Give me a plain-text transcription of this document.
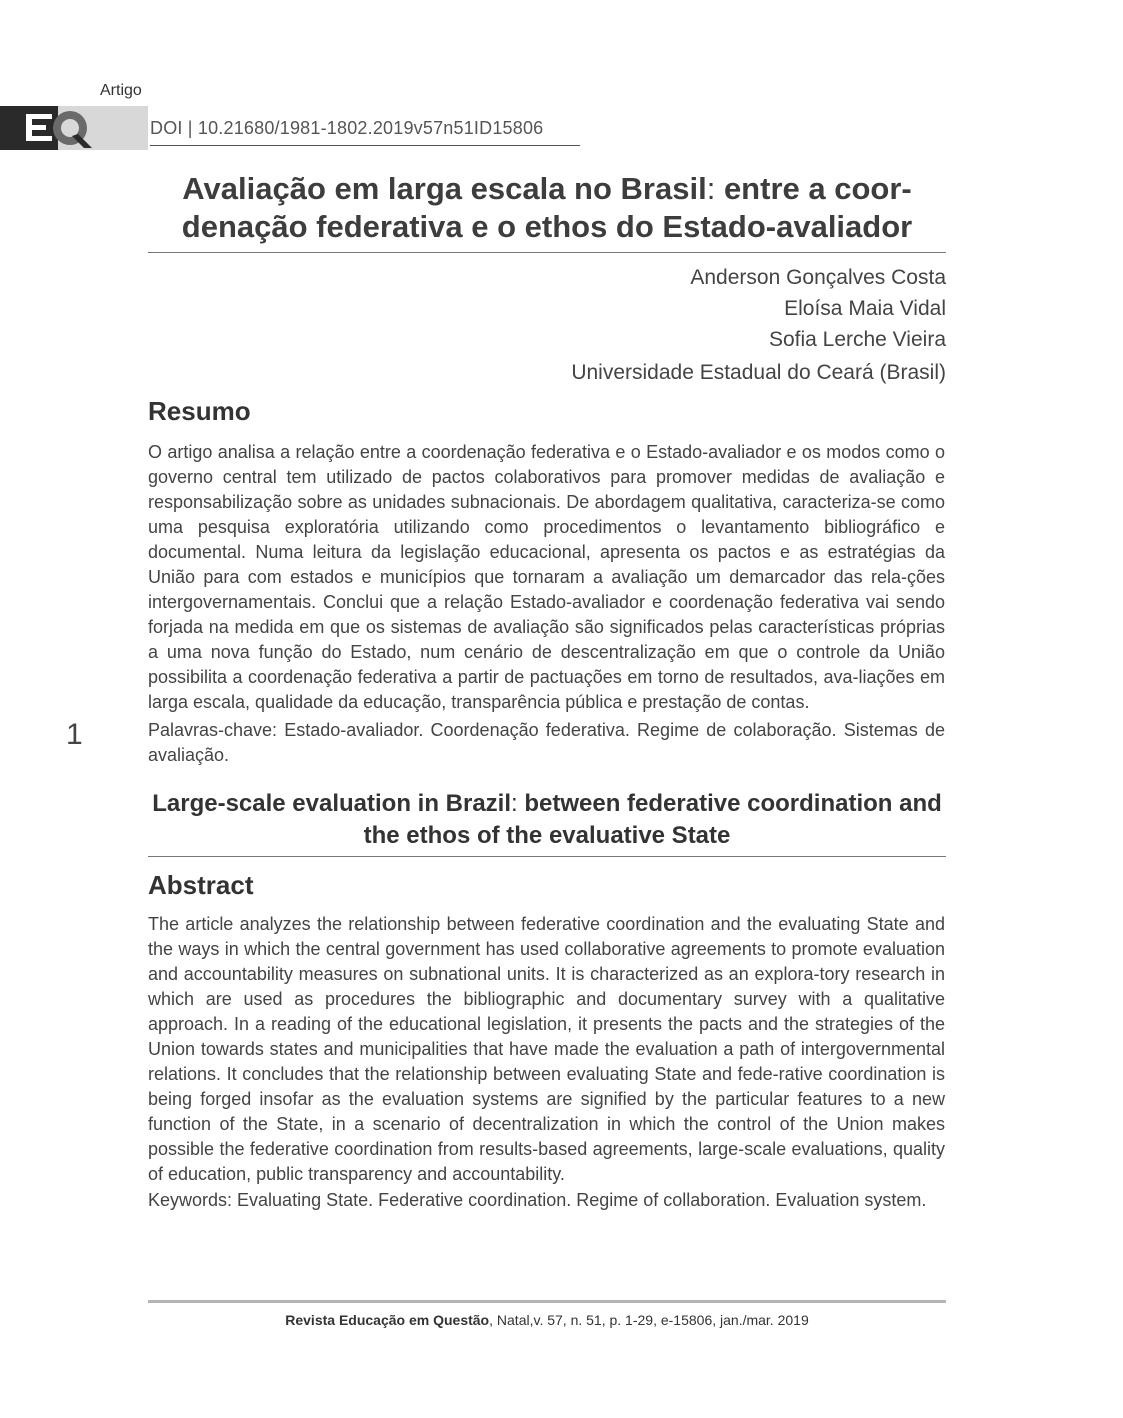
Artigo
DOI | 10.21680/1981-1802.2019v57n51ID15806
Avaliação em larga escala no Brasil: entre a coor-denação federativa e o ethos do Estado-avaliador
Anderson Gonçalves Costa
Eloísa Maia Vidal
Sofia Lerche Vieira
Universidade Estadual do Ceará (Brasil)
Resumo
O artigo analisa a relação entre a coordenação federativa e o Estado-avaliador e os modos como o governo central tem utilizado de pactos colaborativos para promover medidas de avaliação e responsabilização sobre as unidades subnacionais. De abordagem qualitativa, caracteriza-se como uma pesquisa exploratória utilizando como procedimentos o levantamento bibliográfico e documental. Numa leitura da legislação educacional, apresenta os pactos e as estratégias da União para com estados e municípios que tornaram a avaliação um demarcador das rela-ções intergovernamentais. Conclui que a relação Estado-avaliador e coordenação federativa vai sendo forjada na medida em que os sistemas de avaliação são significados pelas características próprias a uma nova função do Estado, num cenário de descentralização em que o controle da União possibilita a coordenação federativa a partir de pactuações em torno de resultados, ava-liações em larga escala, qualidade da educação, transparência pública e prestação de contas.
Palavras-chave: Estado-avaliador. Coordenação federativa. Regime de colaboração. Sistemas de avaliação.
1
Large-scale evaluation in Brazil: between federative coordination and the ethos of the evaluative State
Abstract
The article analyzes the relationship between federative coordination and the evaluating State and the ways in which the central government has used collaborative agreements to promote evaluation and accountability measures on subnational units. It is characterized as an explora-tory research in which are used as procedures the bibliographic and documentary survey with a qualitative approach. In a reading of the educational legislation, it presents the pacts and the strategies of the Union towards states and municipalities that have made the evaluation a path of intergovernmental relations. It concludes that the relationship between evaluating State and fede-rative coordination is being forged insofar as the evaluation systems are signified by the particular features to a new function of the State, in a scenario of decentralization in which the control of the Union makes possible the federative coordination from results-based agreements, large-scale evaluations, quality of education, public transparency and accountability.
Keywords: Evaluating State. Federative coordination. Regime of collaboration. Evaluation system.
Revista Educação em Questão, Natal,v. 57, n. 51, p. 1-29, e-15806, jan./mar. 2019
